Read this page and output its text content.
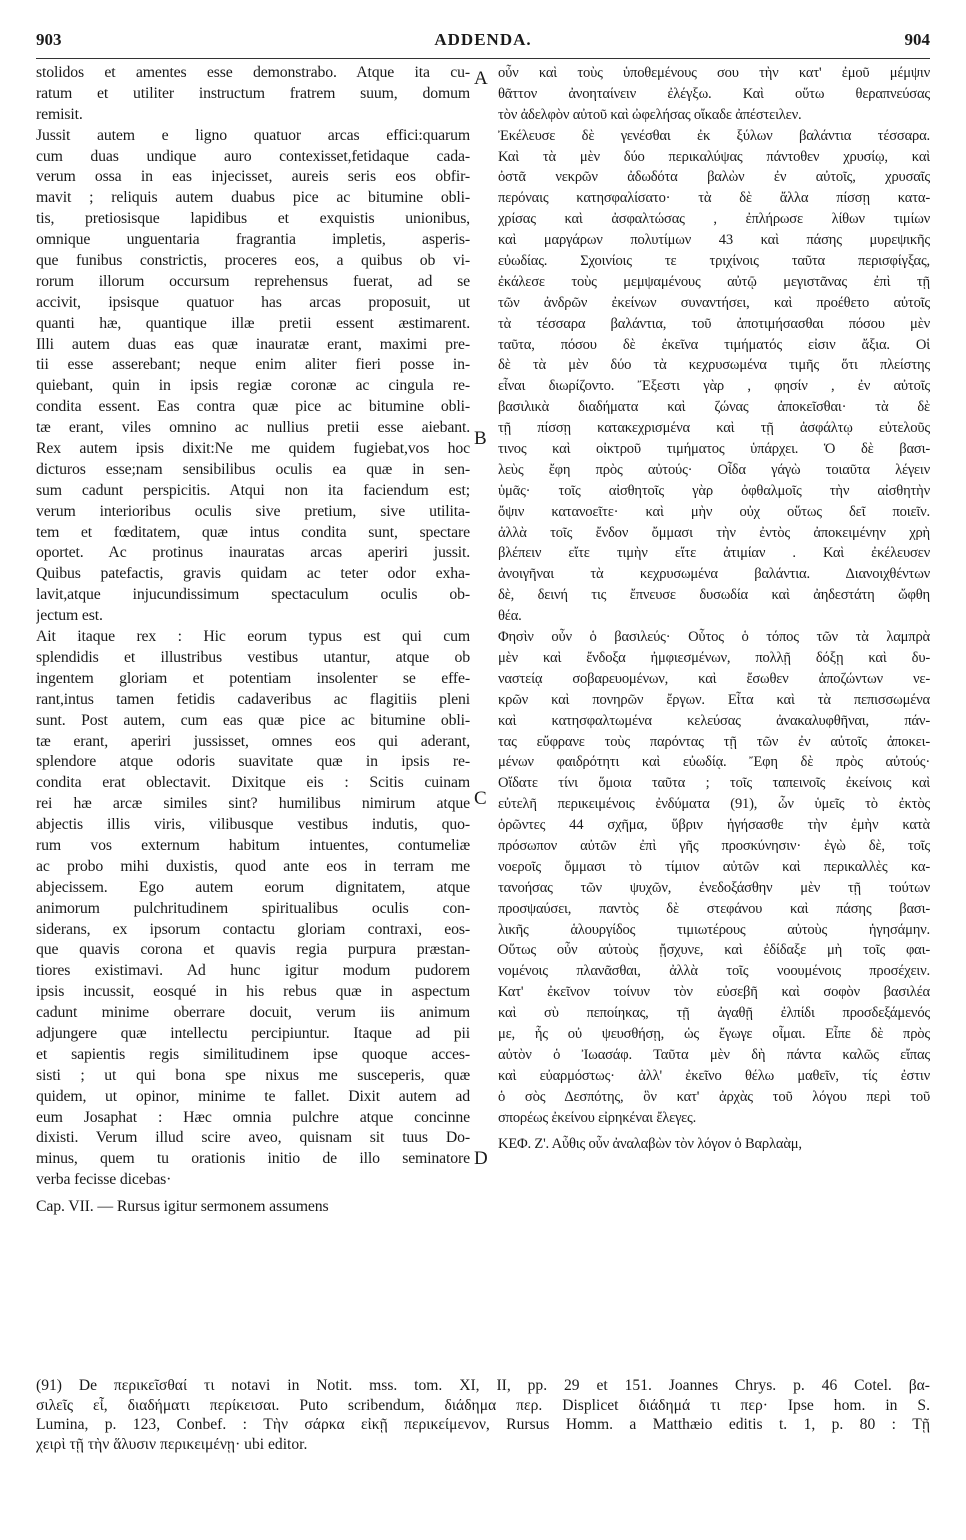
903	ADDENDA.	904
stolidos et amentes esse demonstrabo. Atque ita cu-
ratum et utiliter instructum fratrem suum, domum
remisit.
Jussit autem e ligno quatuor arcas effici:quarum
cum duas undique auro contexisset,fetidaque cada-
verum ossa in eas injecisset, aureis seris eos obfir-
mavit ; reliquis autem duabus pice ac bitumine obli-
tis, pretiosisque lapidibus et exquistis unionibus,
omnique unguentaria fragrantia impletis, asperis-
que funibus constrictis, proceres eos, a quibus ob vi-
rorum illorum occursum reprehensus fuerat, ad se
accivit, ipsisque quatuor has arcas proposuit, ut
quanti hæ, quantique illæ pretii essent æstimarent.
Illi autem duas eas quæ inauratæ erant, maximi pre-
tii esse asserebant; neque enim aliter fieri posse in-
quiebant, quin in ipsis regiæ coronæ ac cingula re-
condita essent. Eas contra quæ pice ac bitumine obli-
tæ erant, viles omnino ac nullius pretii esse aiebant.
Rex autem ipsis dixit:Ne me quidem fugiebat,vos hoc
dicturos esse;nam sensibilibus oculis ea quæ in sen-
sum cadunt perspicitis. Atqui non ita faciendum est;
verum interioribus oculis sive pretium, sive utilita-
tem et fœditatem, quæ intus condita sunt, spectare
oportet. Ac protinus inauratas arcas aperiri jussit.
Quibus patefactis, gravis quidam ac teter odor exha-
lavit,atque injucundissimum spectaculum oculis ob-
jectum est.
Ait itaque rex : Hic eorum typus est qui cum
splendidis et illustribus vestibus utantur, atque ob
ingentem gloriam et potentiam insolenter se effe-
rant,intus tamen fetidis cadaveribus ac flagitiis pleni
sunt. Post autem, cum eas quæ pice ac bitumine obli-
tæ erant, aperiri jussisset, omnes eos qui aderant,
splendore atque odoris suavitate quæ in ipsis re-
condita erat oblectavit. Dixitque eis : Scitis cuinam
rei hæ arcæ similes sint? humilibus nimirum atque
abjectis illis viris, vilibusque vestibus indutis, quo-
rum vos externum habitum intuentes, contumeliæ
ac probo mihi duxistis, quod ante eos in terram me
abjecissem. Ego autem eorum dignitatem, atque
animorum pulchritudinem spiritualibus oculis con-
siderans, ex ipsorum contactu gloriam contraxi, eos-
que quavis corona et quavis regia purpura præstan-
tiores existimavi. Ad hunc igitur modum pudorem
ipsis incussit, eosqué in his rebus quæ in aspectum
cadunt minime oberrare docuit, verum iis animum
adjungere quæ intellectu percipiuntur. Itaque ad pii
et sapientis regis similitudinem ipse quoque acces-
sisti ; ut qui bona spe nixus me susceperis, quæ
quidem, ut opinor, minime te fallet. Dixit autem ad
eum Josaphat : Hæc omnia pulchre atque concinne
dixisti. Verum illud scire aveo, quisnam sit tuus Do-
minus, quem tu orationis initio de illo seminatore
verba fecisse dicebas·
Cap. VII. — Rursus igitur sermonem assumens
οὖν καὶ τοὺς ὑποθεμένους σου τὴν κατ' ἐμοῦ μέμψιν
θᾶττον ἀνοηταίνειν ἐλέγξω. Καὶ οὕτω θεραπνεύσας
τὸν ἀδελφὸν αὐτοῦ καὶ ὠφελήσας οἴκαδε ἀπέστειλεν.
Ἐκέλευσε δὲ γενέσθαι ἐκ ξύλων βαλάντια τέσσαρα.
Καὶ τὰ μὲν δύο περικαλύψας πάντοθεν χρυσίῳ, καὶ
ὀστᾶ νεκρῶν ἀδωδότα βαλὼν ἐν αὐτοῖς, χρυσαῖς
περόναις κατησφαλίσατο· τὰ δὲ ἄλλα πίσσῃ κατα-
χρίσας καὶ ἀσφαλτώσας , ἐπλήρωσε λίθων τιμίων
καὶ μαργάρων πολυτίμων 43 καὶ πάσης μυρεψικῆς
εὐωδίας. Σχοινίοις τε τριχίνοις ταῦτα περισφίγξας,
ἐκάλεσε τοὺς μεμψαμένους αὐτῷ μεγιστᾶνας ἐπὶ τῇ
τῶν ἀνδρῶν ἐκείνων συναντήσει, καὶ προέθετο αὐτοῖς
τὰ τέσσαρα βαλάντια, τοῦ ἀποτιμήσασθαι πόσου μὲν
ταῦτα, πόσου δὲ ἐκεῖνα τιμήματός εἰσιν ἄξια. Οἱ
δὲ τὰ μὲν δύο τὰ κεχρυσωμένα τιμῆς ὅτι πλείστης
εἶναι διωρίζοντο. Ἔξεστι γὰρ , φησίν , ἐν αὐτοῖς
βασιλικὰ διαδήματα καὶ ζώνας ἀποκεῖσθαι· τὰ δὲ
τῇ πίσσῃ κατακεχρισμένα καὶ τῇ ἀσφάλτῳ εὐτελοῦς
τινος καὶ οἰκτροῦ τιμήματος ὑπάρχει. Ὁ δὲ βασι-
λεὺς ἔφη πρὸς αὐτούς· Οἶδα γάγὼ τοιαῦτα λέγειν
ὑμᾶς· τοῖς αἰσθητοῖς γὰρ ὀφθαλμοῖς τὴν αἰσθητὴν
ὄψιν κατανοεῖτε· καὶ μὴν οὐχ οὕτως δεῖ ποιεῖν.
ἀλλὰ τοῖς ἔνδον ὄμμασι τὴν ἐντὸς ἀποκειμένην χρὴ
βλέπειν εἴτε τιμὴν εἴτε ἀτιμίαν . Καὶ ἐκέλευσεν
ἀνοιγῆναι τὰ κεχρυσωμένα βαλάντια. Διανοιχθέντων
δὲ, δεινή τις ἔπνευσε δυσωδία καὶ ἀηδεστάτη ὤφθη
θέα.
Φησὶν οὖν ὁ βασιλεύς· Οὗτος ὁ τόπος τῶν τὰ λαμπρὰ
μὲν καὶ ἔνδοξα ἠμφιεσμένων, πολλῇ δόξῃ καὶ δυ-
ναστείᾳ σοβαρευομένων, καὶ ἔσωθεν ἀποζώντων νε-
κρῶν καὶ πονηρῶν ἔργων. Εἶτα καὶ τὰ πεπισσωμένα
καὶ κατησφαλτωμένα κελεύσας ἀνακαλυφθῆναι, πάν-
τας εὔφρανε τοὺς παρόντας τῇ τῶν ἐν αὐτοῖς ἀποκει-
μένων φαιδρότητι καὶ εὐωδίᾳ. Ἔφη δὲ πρὸς αὐτούς·
Οἴδατε τίνι ὅμοια ταῦτα ; τοῖς ταπεινοῖς ἐκείνοις καὶ
εὐτελῆ περικειμένοις ἐνδύματα (91), ὧν ὑμεῖς τὸ ἐκτὸς
ὁρῶντες 44 σχῆμα, ὕβριν ἡγήσασθε τὴν ἐμὴν κατὰ
πρόσωπον αὐτῶν ἐπὶ γῆς προσκύνησιν· ἐγὼ δὲ, τοῖς
νοεροῖς ὄμμασι τὸ τίμιον αὐτῶν καὶ περικαλλὲς κα-
τανοήσας τῶν ψυχῶν, ἐνεδοξάσθην μὲν τῇ τούτων
προσψαύσει, παντὸς δὲ στεφάνου καὶ πάσης βασι-
λικῆς ἁλουργίδος τιμιωτέρους αὐτοὺς ἡγησάμην.
Οὕτως οὖν αὐτοὺς ᾔσχυνε, καὶ ἐδίδαξε μὴ τοῖς φαι-
νομένοις πλανᾶσθαι, ἀλλὰ τοῖς νοουμένοις προσέχειν.
Κατ' ἐκεῖνον τοίνυν τὸν εὐσεβῆ καὶ σοφὸν βασιλέα
καὶ σὺ πεποίηκας, τῇ ἀγαθῇ ἐλπίδι προσδεξάμενός
με, ἧς οὐ ψευσθήσῃ, ὡς ἔγωγε οἶμαι. Εἶπε δὲ πρὸς
αὐτὸν ὁ Ἰωασάφ. Ταῦτα μὲν δὴ πάντα καλῶς εἴπας
καὶ εὐαρμόστως· ἀλλ' ἐκεῖνο θέλω μαθεῖν, τίς ἐστιν
ὁ σὸς Δεσπότης, ὃν κατ' ἀρχὰς τοῦ λόγου περὶ τοῦ
σπορέως ἐκείνου εἰρηκέναι ἔλεγες.
ΚΕΦ. Ζ'. Αὖθις οὖν ἀναλαβὼν τὸν λόγον ὁ Βαρλαὰμ,
A
B
C
D
(91) De περικεῖσθαί τι notavi in Notit. mss. tom. XI, II, pp. 29 et 151. Joannes Chrys. p. 46 Cotel. βα-
σιλεῖς εἶ, διαδήματι περίκεισαι. Puto scribendum, διάδημα περ. Displicet διάδημά τι περ· Ipse hom. in S.
Lumina, p. 123, Conbef. : Τὴν σάρκα εἰκῇ περικείμενον, Rursus Homm. a Matthæio editis t. 1, p. 80 : Τῇ
χειρὶ τῇ τὴν ἅλυσιν περικειμένῃ· ubi editor.
